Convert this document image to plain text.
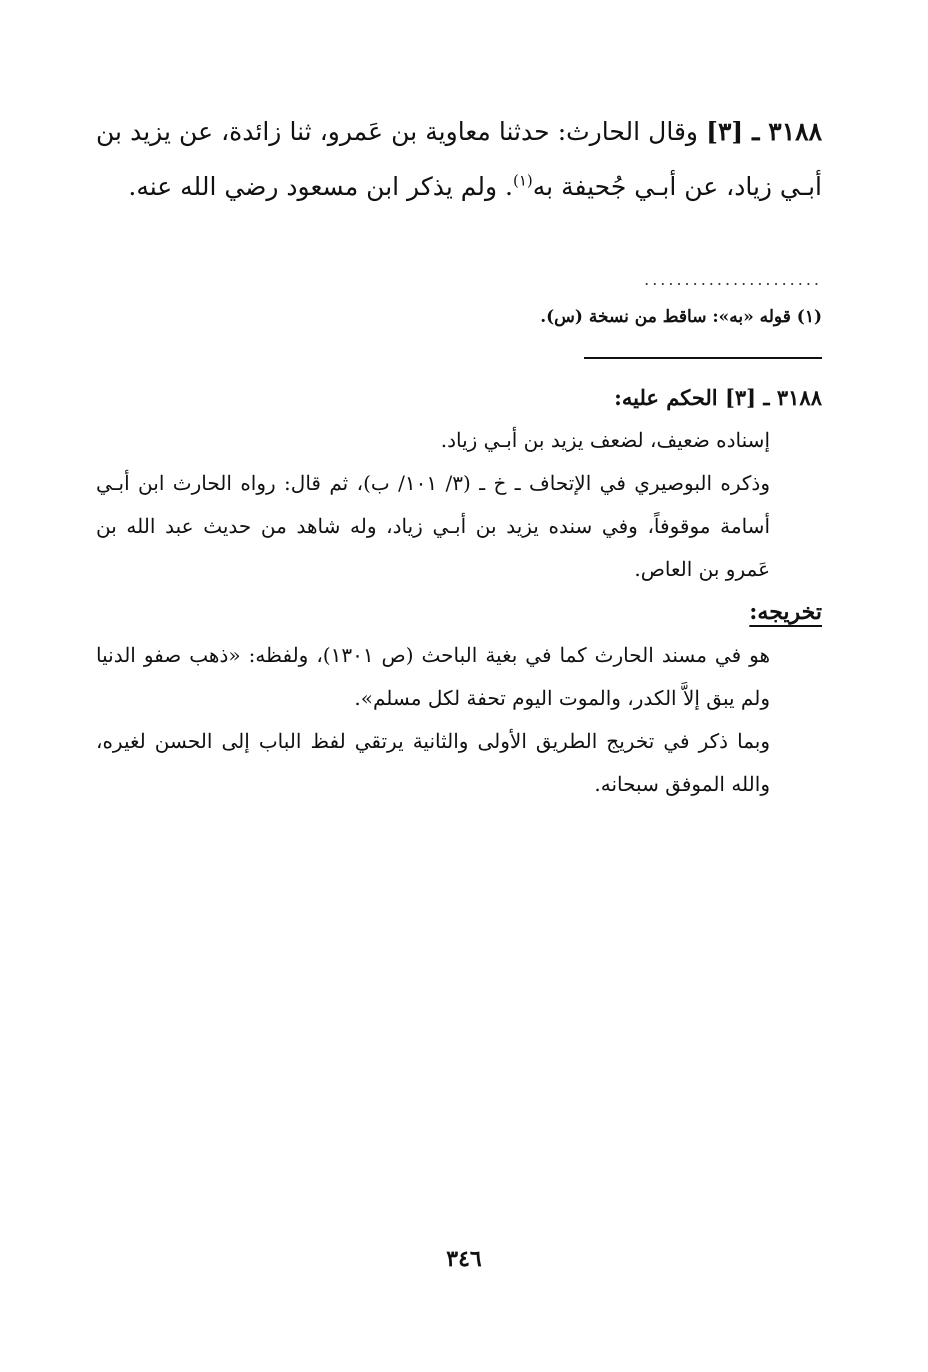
٣١٨٨ ـ [٣] وقال الحارث: حدثنا معاوية بن عَمرو، ثنا زائدة، عن يزيد بن أبـي زياد، عن أبـي جُحيفة به$^{(١)}$. ولم يذكر ابن مسعود رضي الله عنه.
......................
(١) قوله «به»: ساقط من نسخة (س).

٣١٨٨ ـ [٣] الحكم عليه:

إسناده ضعيف، لضعف يزيد بن أبـي زياد.

وذكره البوصيري في الإتحاف ـ خ ـ (٣/ ١٠١/ ب)، ثم قال: رواه الحارث ابن أبـي أسامة موقوفاً، وفي سنده يزيد بن أبـي زياد، وله شاهد من حديث عبد الله بن عَمرو بن العاص.

تخريجه:

هو في مسند الحارث كما في بغية الباحث (ص ١٣٠١)، ولفظه: «ذهب صفو الدنيا ولم يبق إلاَّ الكدر، والموت اليوم تحفة لكل مسلم».

وبما ذكر في تخريج الطريق الأولى والثانية يرتقي لفظ الباب إلى الحسن لغيره، والله الموفق سبحانه.

٣٤٦
